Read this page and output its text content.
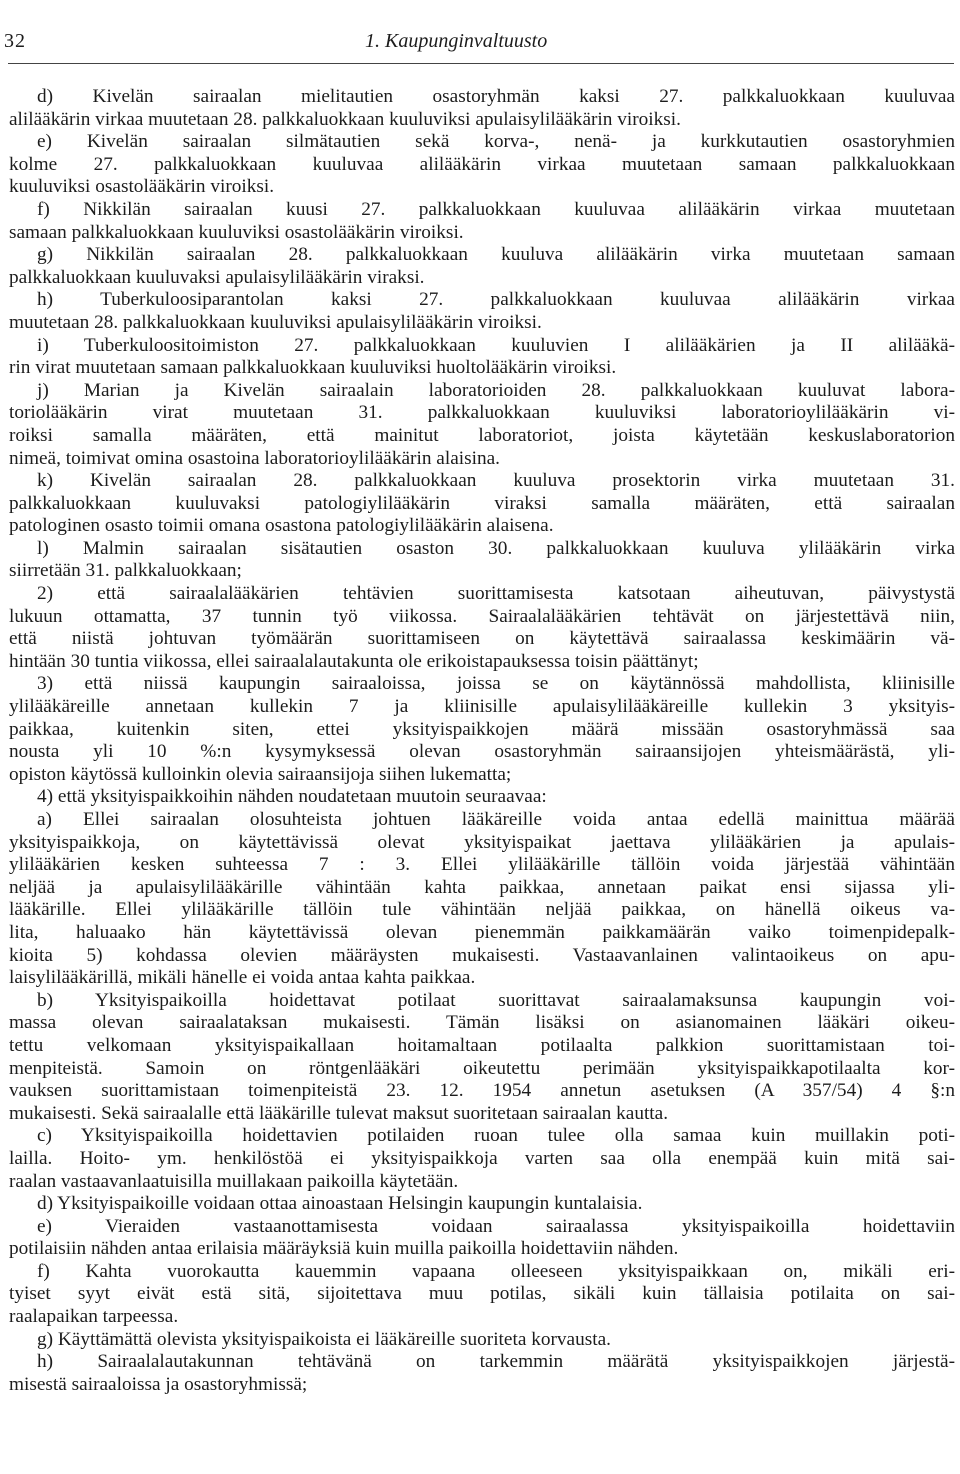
32	1. Kaupunginvaltuusto
d) Kivelän sairaalan mielitautien osastoryhmän kaksi 27. palkkaluokkaan kuuluvaa
alilääkärin virkaa muutetaan 28. palkkaluokkaan kuuluviksi apulaisylilääkärin viroiksi.
e) Kivelän sairaalan silmätautien sekä korva-, nenä- ja kurkkutautien osastoryhmien
kolme 27. palkkaluokkaan kuuluvaa alilääkärin virkaa muutetaan samaan palkkaluokkaan
kuuluviksi osastolääkärin viroiksi.
f) Nikkilän sairaalan kuusi 27. palkkaluokkaan kuuluvaa alilääkärin virkaa muutetaan
samaan palkkaluokkaan kuuluviksi osastolääkärin viroiksi.
g) Nikkilän sairaalan 28. palkkaluokkaan kuuluva alilääkärin virka muutetaan samaan
palkkaluokkaan kuuluvaksi apulaisylilääkärin viraksi.
h) Tuberkuloosiparantolan kaksi 27. palkkaluokkaan kuuluvaa alilääkärin virkaa
muutetaan 28. palkkaluokkaan kuuluviksi apulaisylilääkärin viroiksi.
i) Tuberkuloositoimiston 27. palkkaluokkaan kuuluvien I alilääkärien ja II alilääkä-
rin virat muutetaan samaan palkkaluokkaan kuuluviksi huoltolääkärin viroiksi.
j) Marian ja Kivelän sairaalain laboratorioiden 28. palkkaluokkaan kuuluvat labora-
toriolääkärin virat muutetaan 31. palkkaluokkaan kuuluviksi laboratorioylilääkärin vi-
roiksi samalla määräten, että mainitut laboratoriot, joista käytetään keskuslaboratorion
nimeä, toimivat omina osastoina laboratorioylilääkärin alaisina.
k) Kivelän sairaalan 28. palkkaluokkaan kuuluva prosektorin virka muutetaan 31.
palkkaluokkaan kuuluvaksi patologiylilääkärin viraksi samalla määräten, että sairaalan
patologinen osasto toimii omana osastona patologiylilääkärin alaisena.
l) Malmin sairaalan sisätautien osaston 30. palkkaluokkaan kuuluva ylilääkärin virka
siirretään 31. palkkaluokkaan;
2) että sairaalalääkärien tehtävien suorittamisesta katsotaan aiheutuvan, päivystystä
lukuun ottamatta, 37 tunnin työ viikossa. Sairaalalääkärien tehtävät on järjestettävä niin,
että niistä johtuvan työmäärän suorittamiseen on käytettävä sairaalassa keskimäärin vä-
hintään 30 tuntia viikossa, ellei sairaalalautakunta ole erikoistapauksessa toisin päättänyt;
3) että niissä kaupungin sairaaloissa, joissa se on käytännössä mahdollista, kliinisille
ylilääkäreille annetaan kullekin 7 ja kliinisille apulaisylilääkäreille kullekin 3 yksityis-
paikkaa, kuitenkin siten, ettei yksityispaikkojen määrä missään osastoryhmässä saa
nousta yli 10 %:n kysymyksessä olevan osastoryhmän sairaansijojen yhteismäärästä, yli-
opiston käytössä kulloinkin olevia sairaansijoja siihen lukematta;
4) että yksityispaikkoihin nähden noudatetaan muutoin seuraavaa:
a) Ellei sairaalan olosuhteista johtuen lääkäreille voida antaa edellä mainittua määrää
yksityispaikkoja, on käytettävissä olevat yksityispaikat jaettava ylilääkärien ja apulais-
ylilääkärien kesken suhteessa 7 : 3. Ellei ylilääkärille tällöin voida järjestää vähintään
neljää ja apulaisylilääkärille vähintään kahta paikkaa, annetaan paikat ensi sijassa yli-
lääkärille. Ellei ylilääkärille tällöin tule vähintään neljää paikkaa, on hänellä oikeus va-
lita, haluaako hän käytettävissä olevan pienemmän paikkamäärän vaiko toimenpidepalk-
kioita 5) kohdassa olevien määräysten mukaisesti. Vastaavanlainen valintaoikeus on apu-
laisylilääkärillä, mikäli hänelle ei voida antaa kahta paikkaa.
b) Yksityispaikoilla hoidettavat potilaat suorittavat sairaalamaksunsa kaupungin voi-
massa olevan sairaalataksan mukaisesti. Tämän lisäksi on asianomainen lääkäri oikeu-
tettu velkomaan yksityispaikallaan hoitamaltaan potilaalta palkkion suorittamistaan toi-
menpiteistä. Samoin on röntgenlääkäri oikeutettu perimään yksityispaikkapotilaalta kor-
vauksen suorittamistaan toimenpiteistä 23. 12. 1954 annetun asetuksen (A 357/54) 4 §:n
mukaisesti. Sekä sairaalalle että lääkärille tulevat maksut suoritetaan sairaalan kautta.
c) Yksityispaikoilla hoidettavien potilaiden ruoan tulee olla samaa kuin muillakin poti-
lailla. Hoito- ym. henkilöstöä ei yksityispaikkoja varten saa olla enempää kuin mitä sai-
raalan vastaavanlaatuisilla muillakaan paikoilla käytetään.
d) Yksityispaikoille voidaan ottaa ainoastaan Helsingin kaupungin kuntalaisia.
e) Vieraiden vastaanottamisesta voidaan sairaalassa yksityispaikoilla hoidettaviin
potilaisiin nähden antaa erilaisia määräyksiä kuin muilla paikoilla hoidettaviin nähden.
f) Kahta vuorokautta kauemmin vapaana olleeseen yksityispaikkaan on, mikäli eri-
tyiset syyt eivät estä sitä, sijoitettava muu potilas, sikäli kuin tällaisia potilaita on sai-
raalapaikan tarpeessa.
g) Käyttämättä olevista yksityispaikoista ei lääkäreille suoriteta korvausta.
h) Sairaalalautakunnan tehtävänä on tarkemmin määrätä yksityispaikkojen järjestä-
misestä sairaaloissa ja osastoryhmissä;
